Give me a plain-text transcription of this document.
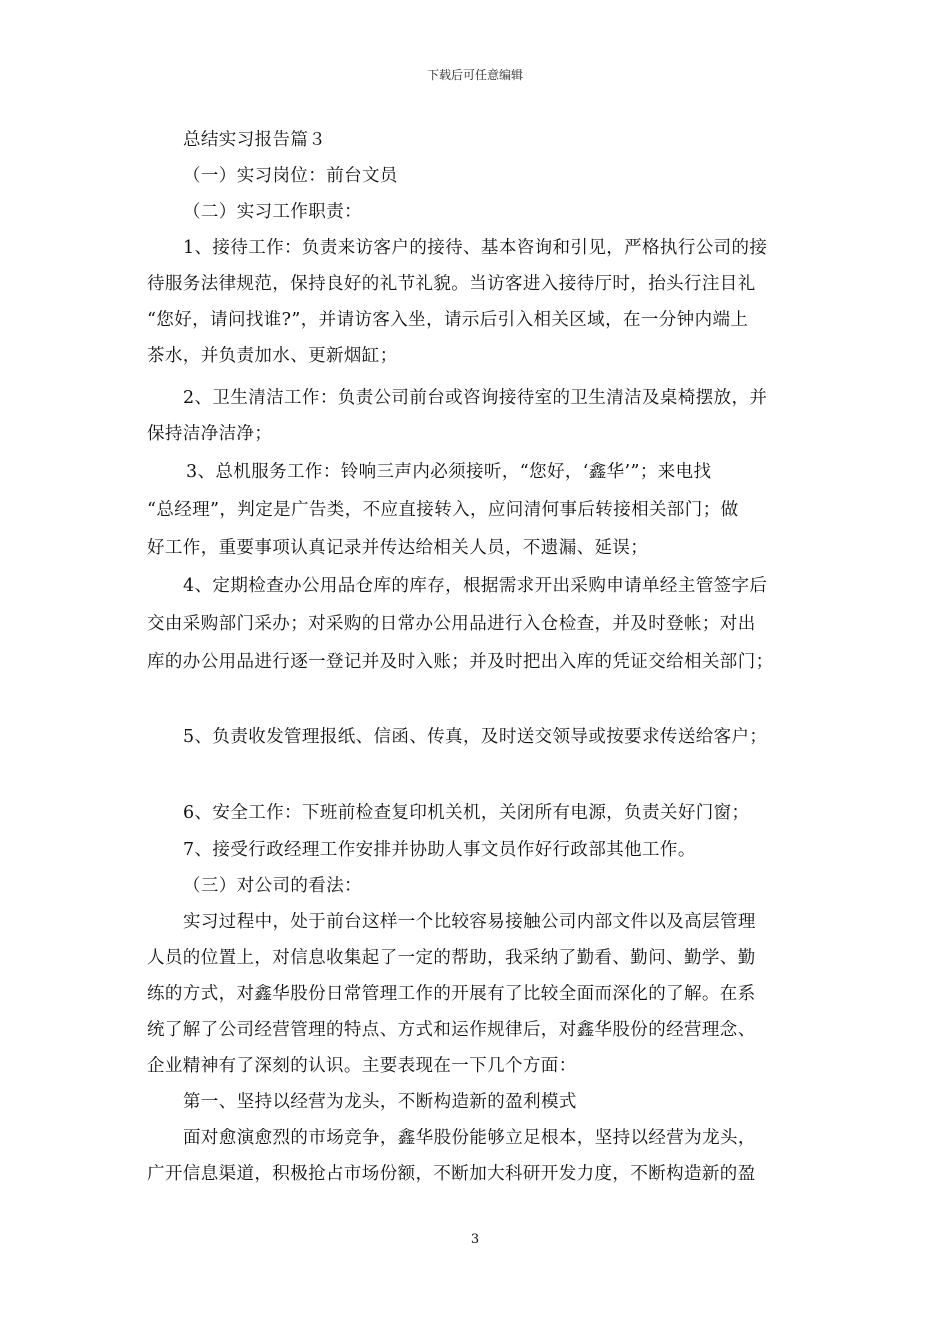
下载后可任意编辑
总结实习报告篇３
（一）实习岗位：前台文员
（二）实习工作职责：
1、接待工作：负责来访客户的接待、基本咨询和引见，严格执行公司的接
待服务法律规范，保持良好的礼节礼貌。当访客进入接待厅时，抬头行注目礼
“您好，请问找谁?”，并请访客入坐，请示后引入相关区域，在一分钟内端上
茶水，并负责加水、更新烟缸；
2、卫生清洁工作：负责公司前台或咨询接待室的卫生清洁及桌椅摆放，并
保持洁净洁净；
3、总机服务工作：铃响三声内必须接听，“您好，‘鑫华’”；来电找
“总经理”，判定是广告类，不应直接转入，应问清何事后转接相关部门；做
好工作，重要事项认真记录并传达给相关人员，不遗漏、延误；
4、定期检查办公用品仓库的库存，根据需求开出采购申请单经主管签字后
交由采购部门采办；对采购的日常办公用品进行入仓检查，并及时登帐；对出
库的办公用品进行逐一登记并及时入账；并及时把出入库的凭证交给相关部门；
5、负责收发管理报纸、信函、传真，及时送交领导或按要求传送给客户；
6、安全工作：下班前检查复印机关机，关闭所有电源，负责关好门窗；
7、接受行政经理工作安排并协助人事文员作好行政部其他工作。
（三）对公司的看法：
实习过程中，处于前台这样一个比较容易接触公司内部文件以及高层管理
人员的位置上，对信息收集起了一定的帮助，我采纳了勤看、勤问、勤学、勤
练的方式，对鑫华股份日常管理工作的开展有了比较全面而深化的了解。在系
统了解了公司经营管理的特点、方式和运作规律后，对鑫华股份的经营理念、
企业精神有了深刻的认识。主要表现在一下几个方面：
第一、坚持以经营为龙头，不断构造新的盈利模式
面对愈演愈烈的市场竞争，鑫华股份能够立足根本，坚持以经营为龙头，
广开信息渠道，积极抢占市场份额，不断加大科研开发力度，不断构造新的盈
3
